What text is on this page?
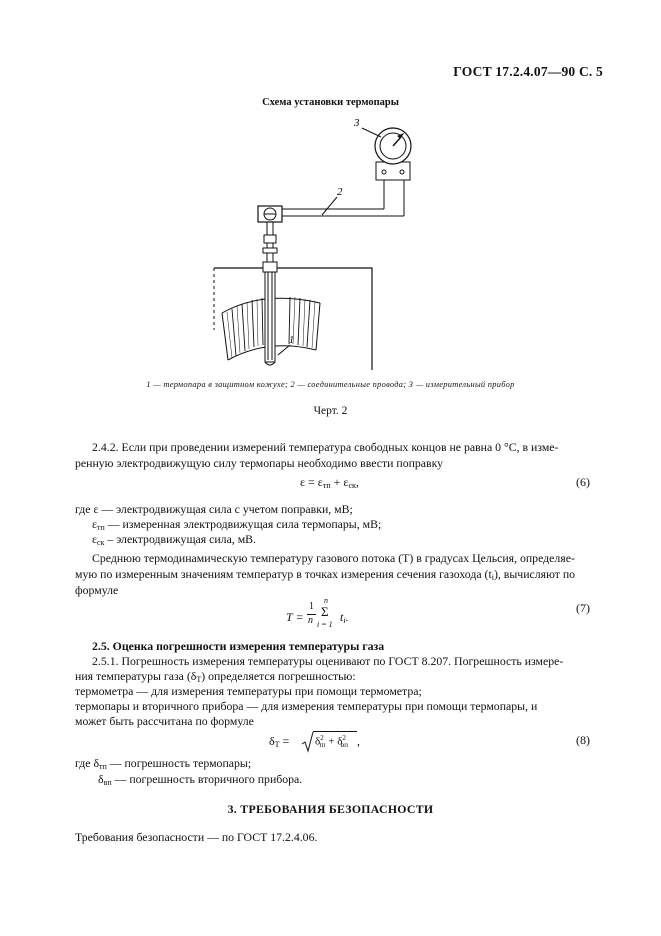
ГОСТ 17.2.4.07—90 С. 5
Схема установки термопары
3
2
1
1 — термопара в защитном кожухе; 2 — соединительные провода; 3 — измерительный прибор
Черт. 2
2.4.2. Если при проведении измерений температура свободных концов не равна 0 °С, в изме-
ренную электродвижущую силу термопары необходимо ввести поправку
$\varepsilon = \varepsilon_{тп} + \varepsilon_{ск}$,	(6)
где ε — электродвижущая сила с учетом поправки, мВ;
$\varepsilon_{тп}$ — измеренная электродвижущая сила термопары, мВ;
$\varepsilon_{ск}$ – электродвижущая сила, мВ.
Среднюю термодинамическую температуру газового потока (T) в градусах Цельсия, определяе-
мую по измеренным значениям температур в точках измерения сечения газохода $(t_i)$, вычисляют по
формуле
T =
1
n
n
Σ
i = 1
$t_i$.
(7)
2.5. Оценка погрешности измерения температуры газа
2.5.1. Погрешность измерения температуры оценивают по ГОСТ 8.207. Погрешность измере-
ния температуры газа $(\delta_Т)$ определяется погрешностью:
термометра — для измерения температуры при помощи термометра;
термопары и вторичного прибора — для измерения температуры при помощи термопары, и
может быть рассчитана по формуле
$\delta_Т = \delta^2_{тп} + \delta^2_{вп}$ ,	(8)
где $\delta_{тп}$ — погрешность термопары;
$\delta_{вп}$ — погрешность вторичного прибора.
3. ТРЕБОВАНИЯ БЕЗОПАСНОСТИ
Требования безопасности — по ГОСТ 17.2.4.06.
